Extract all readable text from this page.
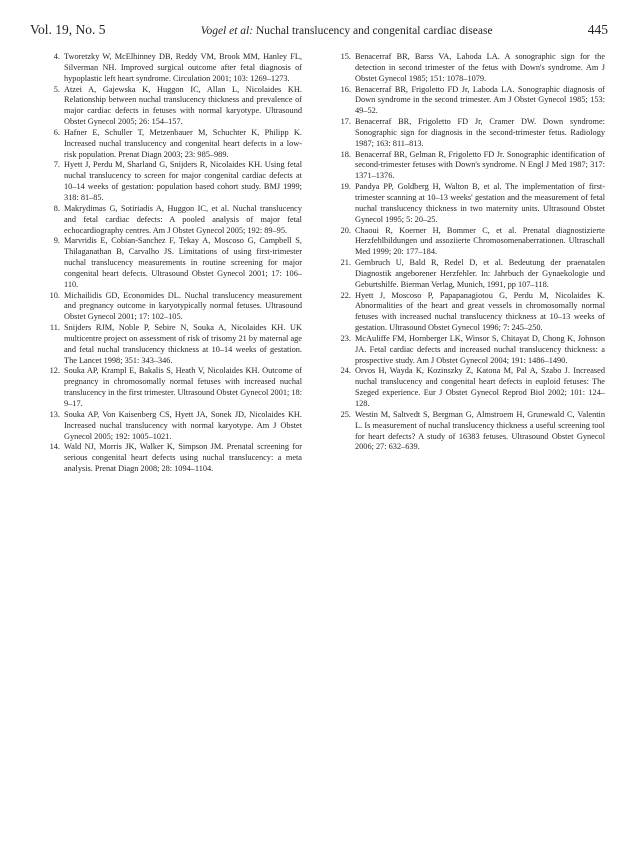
Vol. 19, No. 5	Vogel et al: Nuchal translucency and congenital cardiac disease	445
4. Tworetzky W, McElhinney DB, Reddy VM, Brook MM, Hanley FL, Silverman NH. Improved surgical outcome after fetal diagnosis of hypoplastic left heart syndrome. Circulation 2001; 103: 1269–1273.
5. Atzei A, Gajewska K, Huggon IC, Allan L, Nicolaides KH. Relationship between nuchal translucency thickness and prevalence of major cardiac defects in fetuses with normal karyotype. Ultrasound Obstet Gynecol 2005; 26: 154–157.
6. Hafner E, Schuller T, Metzenbauer M, Schuchter K, Philipp K. Increased nuchal translucency and congenital heart defects in a low-risk population. Prenat Diagn 2003; 23: 985–989.
7. Hyett J, Perdu M, Sharland G, Snijders R, Nicolaides KH. Using fetal nuchal translucency to screen for major congenital cardiac defects at 10–14 weeks of gestation: population based cohort study. BMJ 1999; 318: 81–85.
8. Makrydimas G, Sotiriadis A, Huggon IC, et al. Nuchal translucency and fetal cardiac defects: A pooled analysis of major fetal echocardiography centres. Am J Obstet Gynecol 2005; 192: 89–95.
9. Marvridis E, Cobian-Sanchez F, Tekay A, Moscoso G, Campbell S, Thilaganathan B, Carvalho JS. Limitations of using first-trimester nuchal translucency measurements in routine screening for major congenital heart defects. Ultrasound Obstet Gynecol 2001; 17: 106–110.
10. Michailidis GD, Economides DL. Nuchal translucency measurement and pregnancy outcome in karyotypically normal fetuses. Ultrasound Obstet Gynecol 2001; 17: 102–105.
11. Snijders RJM, Noble P, Sebire N, Souka A, Nicolaides KH. UK multicentre project on assessment of risk of trisomy 21 by maternal age and fetal nuchal translucency thickness at 10–14 weeks of gestation. The Lancet 1998; 351: 343–346.
12. Souka AP, Krampl E, Bakalis S, Heath V, Nicolaides KH. Outcome of pregnancy in chromosomally normal fetuses with increased nuchal translucency in the first trimester. Ultrasound Obstet Gynecol 2001; 18: 9–17.
13. Souka AP, Von Kaisenberg CS, Hyett JA, Sonek JD, Nicolaides KH. Increased nuchal translucency with normal karyotype. Am J Obstet Gynecol 2005; 192: 1005–1021.
14. Wald NJ, Morris JK, Walker K, Simpson JM. Prenatal screening for serious congenital heart defects using nuchal translucency: a meta analysis. Prenat Diagn 2008; 28: 1094–1104.
15. Benacerraf BR, Barss VA, Laboda LA. A sonographic sign for the detection in second trimester of the fetus with Down's syndrome. Am J Obstet Gynecol 1985; 151: 1078–1079.
16. Benacerraf BR, Frigoletto FD Jr, Laboda LA. Sonographic diagnosis of Down syndrome in the second trimester. Am J Obstet Gynecol 1985; 153: 49–52.
17. Benacerraf BR, Frigoletto FD Jr, Cramer DW. Down syndrome: Sonographic sign for diagnosis in the second-trimester fetus. Radiology 1987; 163: 811–813.
18. Benacerraf BR, Gelman R, Frigoletto FD Jr. Sonographic identification of second-trimester fetuses with Down's syndrome. N Engl J Med 1987; 317: 1371–1376.
19. Pandya PP, Goldberg H, Walton B, et al. The implementation of first-trimester scanning at 10–13 weeks' gestation and the measurement of fetal nuchal translucency thickness in two maternity units. Ultrasound Obstet Gynecol 1995; 5: 20–25.
20. Chaoui R, Koerner H, Bommer C, et al. Prenatal diagnostizierte Herzfehlbildungen und assoziierte Chromosomenaberrationen. Ultraschall Med 1999; 20: 177–184.
21. Gembruch U, Bald R, Redel D, et al. Bedeutung der praenatalen Diagnostik angeborener Herzfehler. In: Jahrbuch der Gynaekologie und Geburtshilfe. Bierman Verlag, Munich, 1991, pp 107–118.
22. Hyett J, Moscoso P, Papapanagiotou G, Perdu M, Nicolaides K. Abnormalities of the heart and great vessels in chromosomally normal fetuses with increased nuchal translucency thickness at 10–13 weeks of gestation. Ultrasound Obstet Gynecol 1996; 7: 245–250.
23. McAuliffe FM, Hornberger LK, Winsor S, Chitayat D, Chong K, Johnson JA. Fetal cardiac defects and increased nuchal translucency thickness: a prospective study. Am J Obstet Gynecol 2004; 191: 1486–1490.
24. Orvos H, Wayda K, Kozinszky Z, Katona M, Pal A, Szabo J. Increased nuchal translucency and congenital heart defects in euploid fetuses: The Szeged experience. Eur J Obstet Gynecol Reprod Biol 2002; 101: 124–128.
25. Westin M, Saltvedt S, Bergman G, Almstroem H, Grunewald C, Valentin L. Is measurement of nuchal translucency thickness a useful screening tool for heart defects? A study of 16383 fetuses. Ultrasound Obstet Gynecol 2006; 27: 632–639.
